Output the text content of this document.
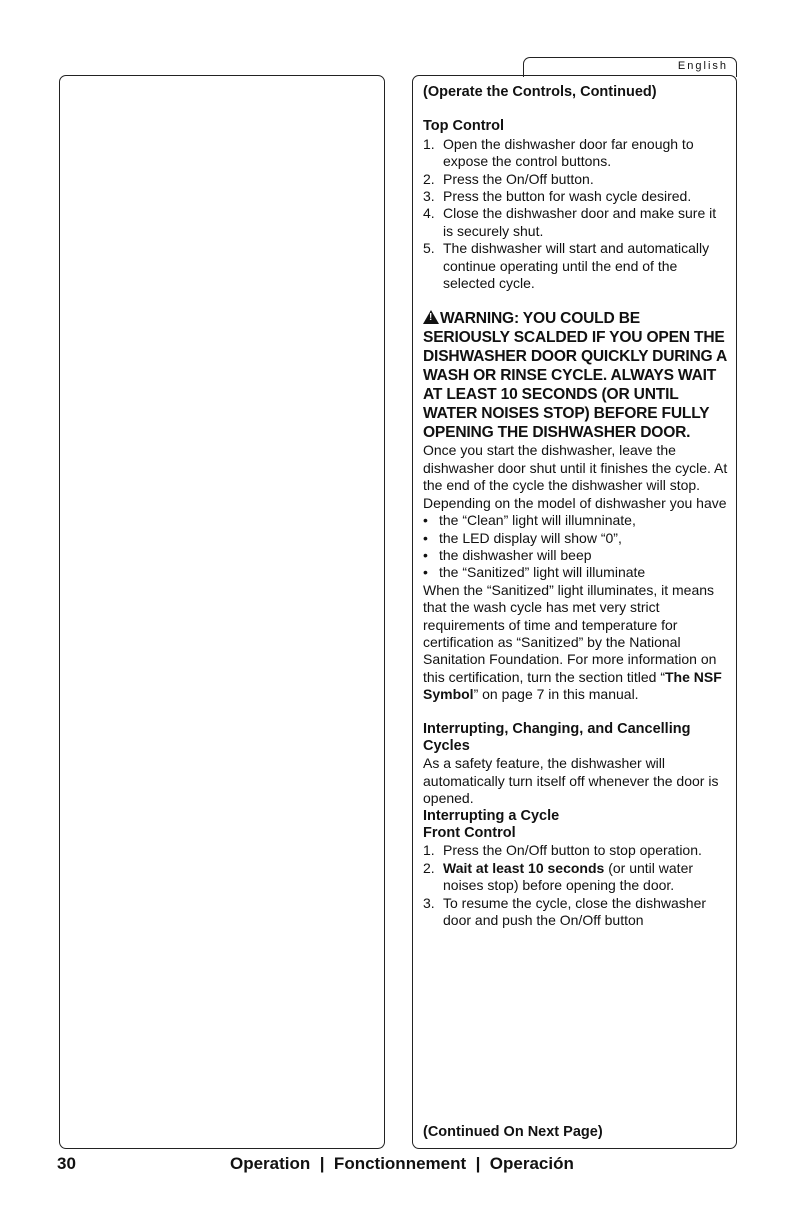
English

(Operate the Controls, Continued)

Top Control

1. Open the dishwasher door far enough to expose the control buttons.
2. Press the On/Off button.
3. Press the button for wash cycle desired.
4. Close the dishwasher door and make sure it is securely shut.
5. The dishwasher will start and automatically continue operating until the end of the selected cycle.

!WARNING: YOU COULD BE SERIOUSLY SCALDED IF YOU OPEN THE DISHWASHER DOOR QUICKLY DURING A WASH OR RINSE CYCLE. ALWAYS WAIT AT LEAST 10 SECONDS (OR UNTIL WATER NOISES STOP) BEFORE FULLY OPENING THE DISHWASHER DOOR.

Once you start the dishwasher, leave the dishwasher door shut until it finishes the cycle. At the end of the cycle the dishwasher will stop. Depending on the model of dishwasher you have

• the “Clean” light will illumninate,
• the LED display will show “0”,
• the dishwasher will beep
• the “Sanitized” light will illuminate

When the “Sanitized” light illuminates, it means that the wash cycle has met very strict requirements of time and temperature for certification as “Sanitized” by the National Sanitation Foundation. For more information on this certification, turn the section titled “The NSF Symbol” on page 7 in this manual.

Interrupting, Changing, and Cancelling Cycles

As a safety feature, the dishwasher will automatically turn itself off whenever the door is opened.

Interrupting a Cycle

Front Control

1. Press the On/Off button to stop operation.
2. Wait at least 10 seconds (or until water noises stop) before opening the door.
3. To resume the cycle, close the dishwasher door and push the On/Off button

(Continued On Next Page)

30	Operation  |  Fonctionnement  |  Operación
